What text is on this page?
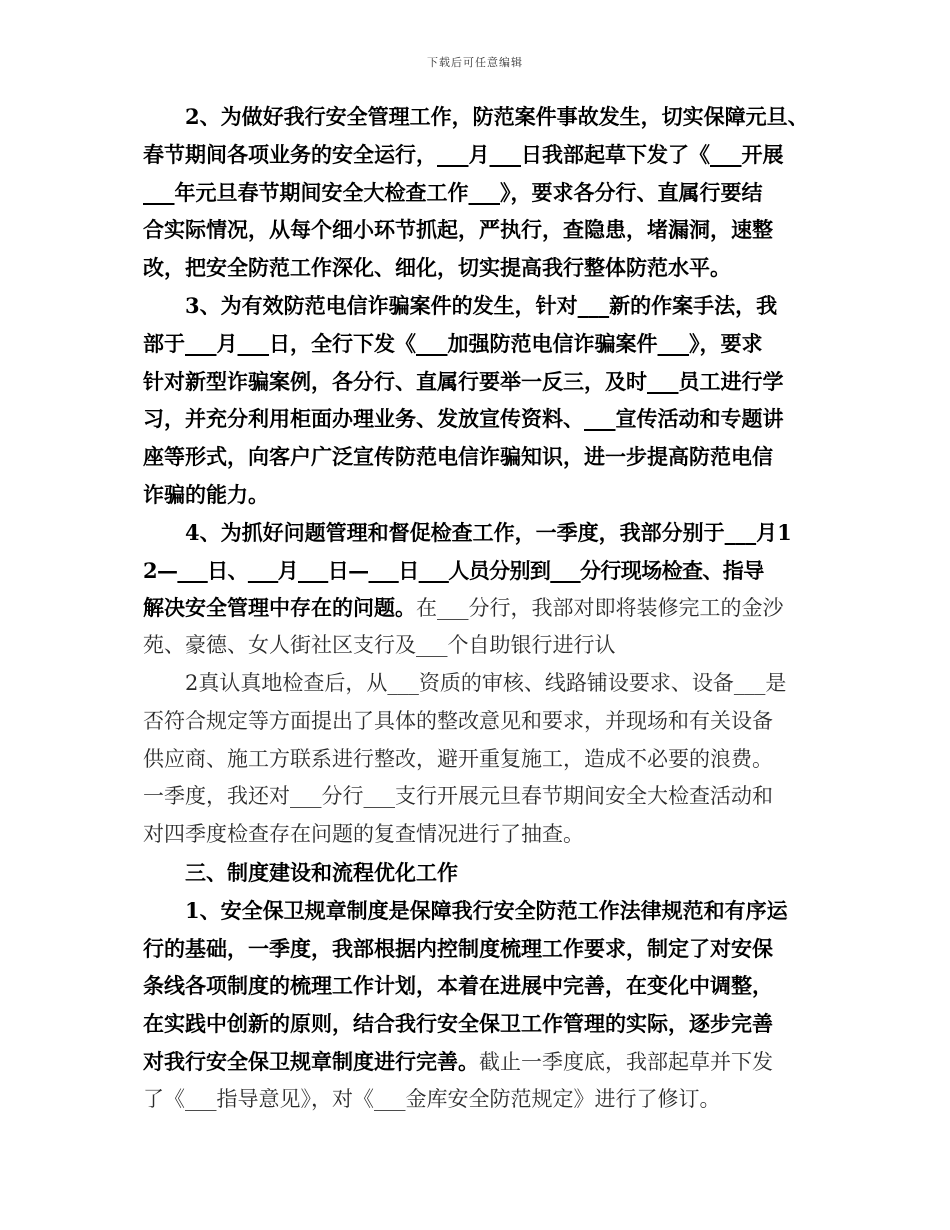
下载后可任意编辑
2、为做好我行安全管理工作，防范案件事故发生，切实保障元旦、
春节期间各项业务的安全运行，___月___日我部起草下发了《___开展
___年元旦春节期间安全大检查工作___》，要求各分行、直属行要结
合实际情况，从每个细小环节抓起，严执行，查隐患，堵漏洞，速整
改，把安全防范工作深化、细化，切实提高我行整体防范水平。
3、为有效防范电信诈骗案件的发生，针对___新的作案手法，我
部于___月___日，全行下发《___加强防范电信诈骗案件___》，要求
针对新型诈骗案例，各分行、直属行要举一反三，及时___员工进行学
习，并充分利用柜面办理业务、发放宣传资料、___宣传活动和专题讲
座等形式，向客户广泛宣传防范电信诈骗知识，进一步提高防范电信
诈骗的能力。
4、为抓好问题管理和督促检查工作，一季度，我部分别于___月1
2—___日、___月___日—___日___人员分别到___分行现场检查、指导
解决安全管理中存在的问题。在___分行，我部对即将装修完工的金沙
苑、豪德、女人街社区支行及___个自助银行进行认
2真认真地检查后，从___资质的审核、线路铺设要求、设备___是
否符合规定等方面提出了具体的整改意见和要求，并现场和有关设备
供应商、施工方联系进行整改，避开重复施工，造成不必要的浪费。
一季度，我还对___分行___支行开展元旦春节期间安全大检查活动和
对四季度检查存在问题的复查情况进行了抽查。
三、制度建设和流程优化工作
1、安全保卫规章制度是保障我行安全防范工作法律规范和有序运
行的基础，一季度，我部根据内控制度梳理工作要求，制定了对安保
条线各项制度的梳理工作计划，本着在进展中完善，在变化中调整，
在实践中创新的原则，结合我行安全保卫工作管理的实际，逐步完善
对我行安全保卫规章制度进行完善。截止一季度底，我部起草并下发
了《___指导意见》，对《___金库安全防范规定》进行了修订。
